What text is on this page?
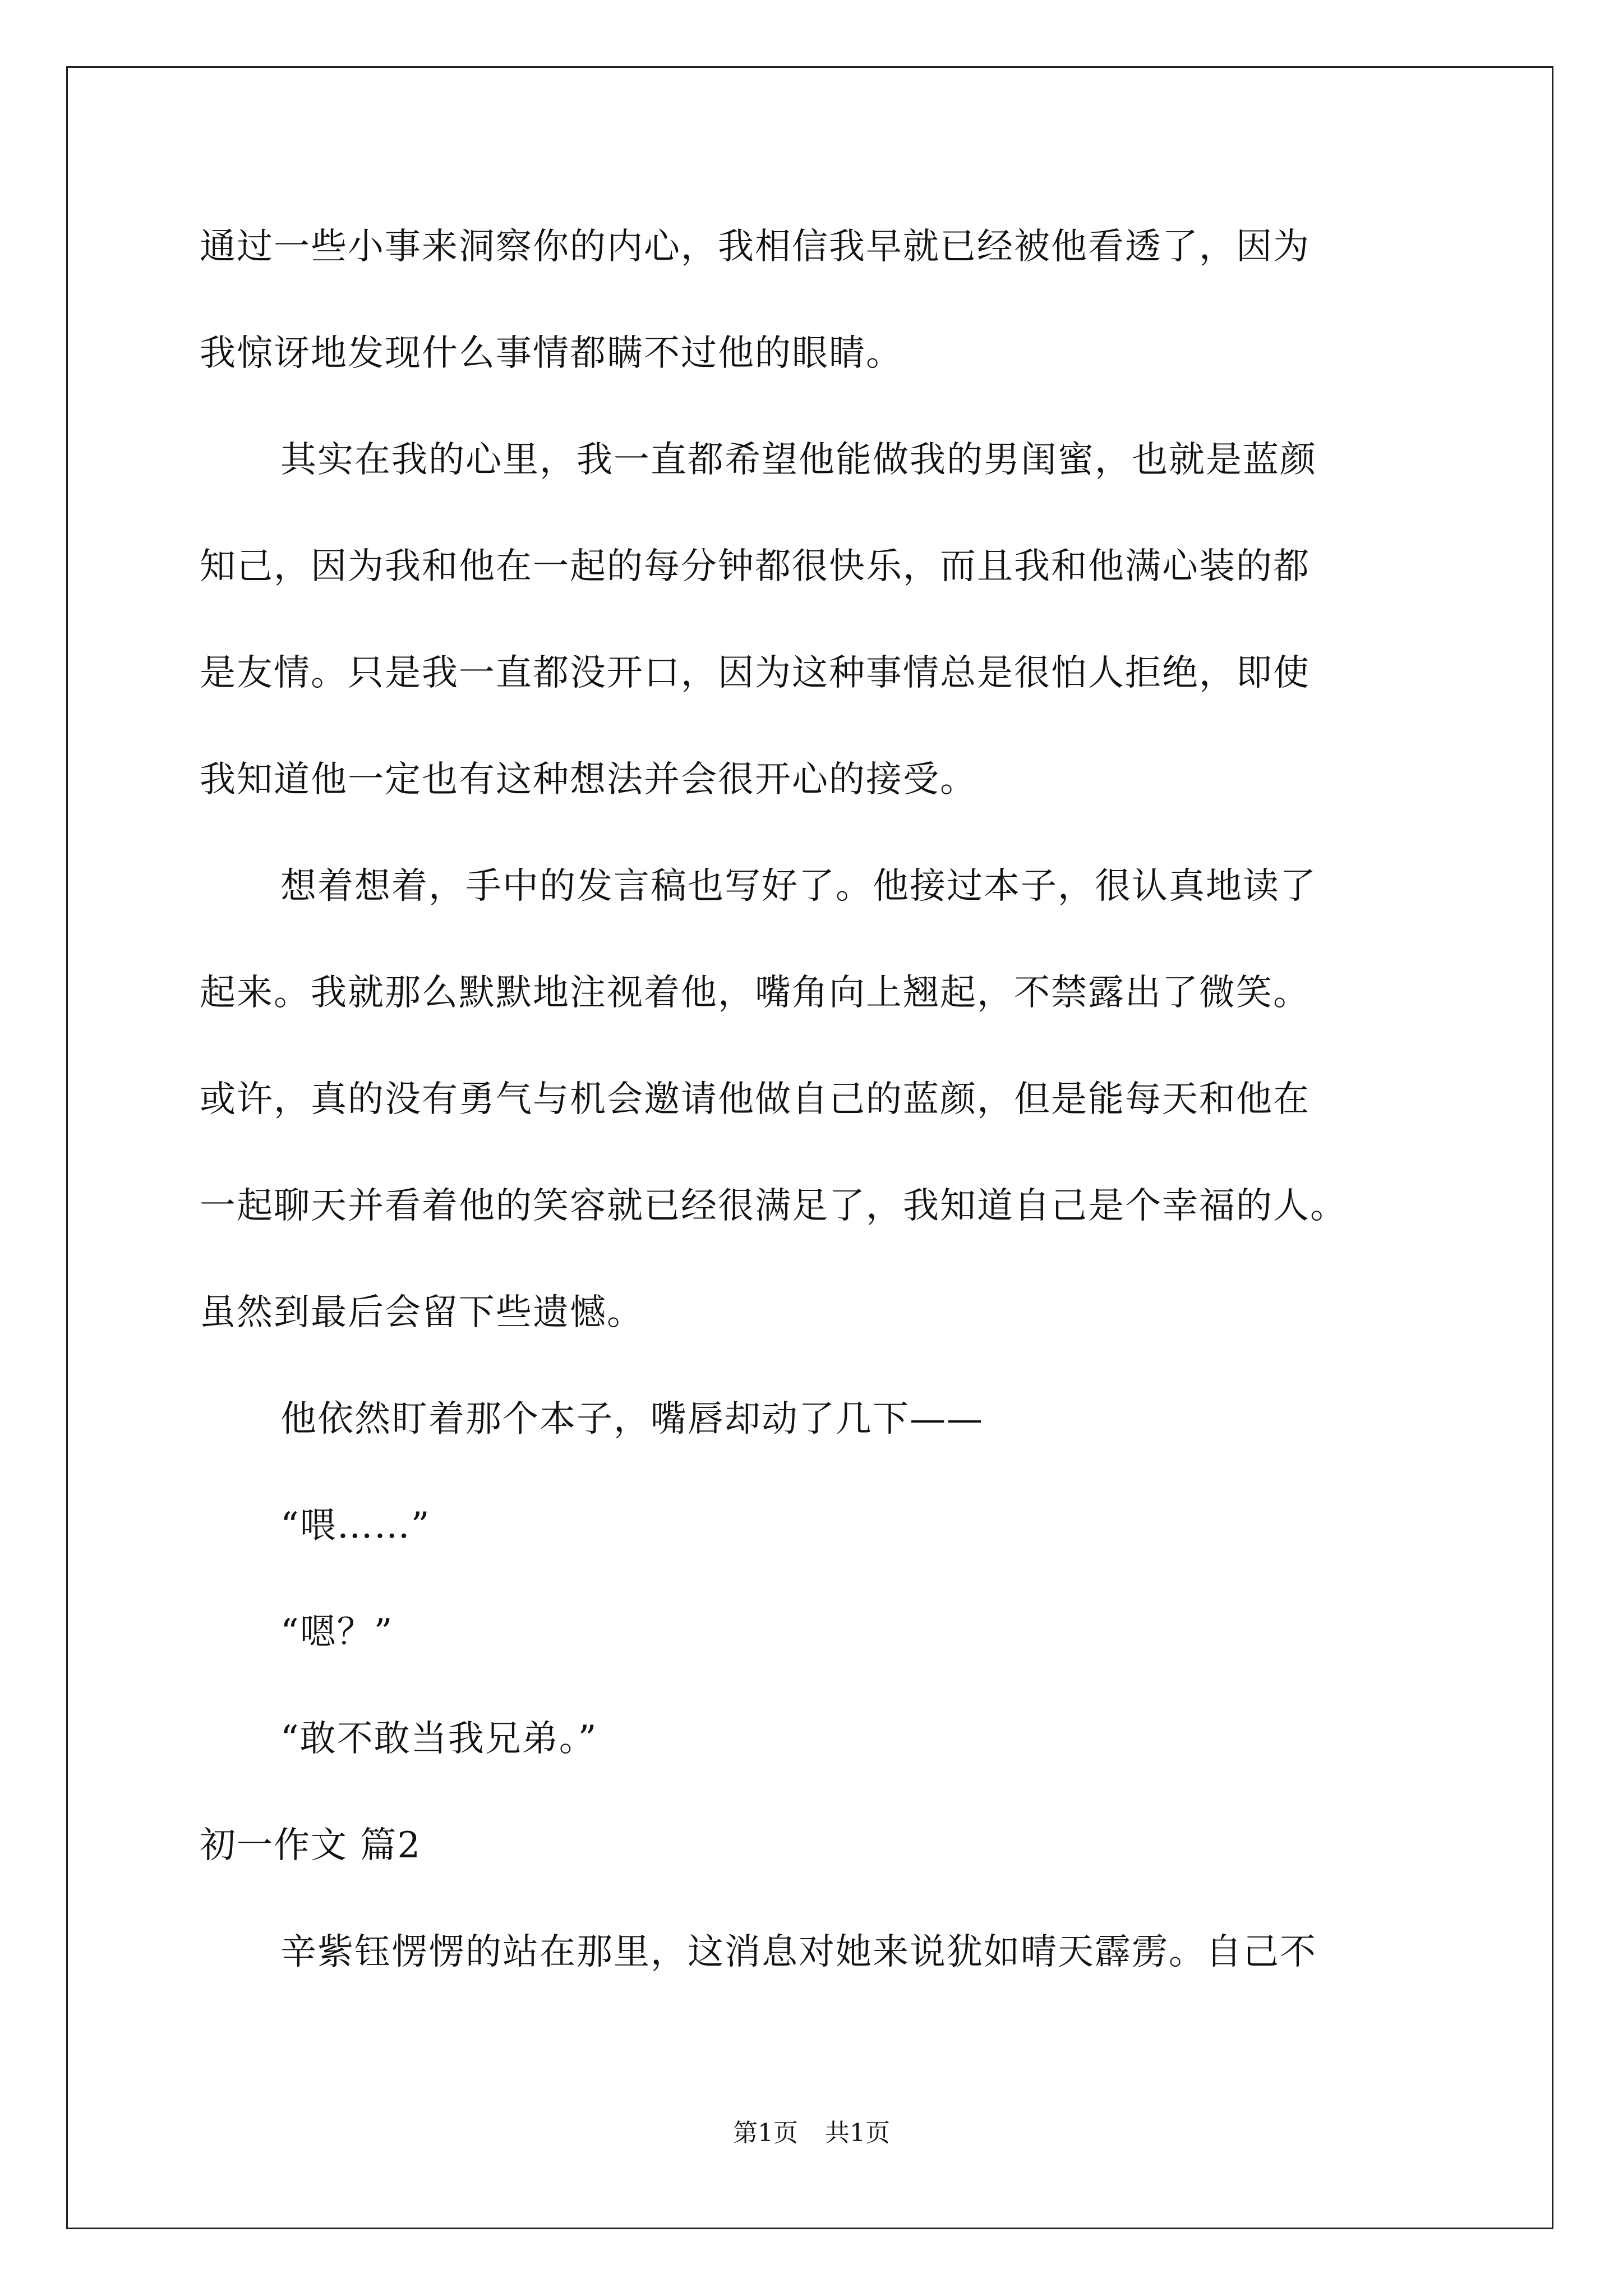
通过一些小事来洞察你的内心，我相信我早就已经被他看透了，因为
我惊讶地发现什么事情都瞒不过他的眼睛。
其实在我的心里，我一直都希望他能做我的男闺蜜，也就是蓝颜
知己，因为我和他在一起的每分钟都很快乐，而且我和他满心装的都
是友情。只是我一直都没开口，因为这种事情总是很怕人拒绝，即使
我知道他一定也有这种想法并会很开心的接受。
想着想着，手中的发言稿也写好了。他接过本子，很认真地读了
起来。我就那么默默地注视着他，嘴角向上翘起，不禁露出了微笑。
或许，真的没有勇气与机会邀请他做自己的蓝颜，但是能每天和他在
一起聊天并看着他的笑容就已经很满足了，我知道自己是个幸福的人。
虽然到最后会留下些遗憾。
他依然盯着那个本子，嘴唇却动了几下——
“喂……”
“嗯？”
“敢不敢当我兄弟。”
初一作文 篇2
辛紫钰愣愣的站在那里，这消息对她来说犹如晴天霹雳。自己不
第1页 共1页
